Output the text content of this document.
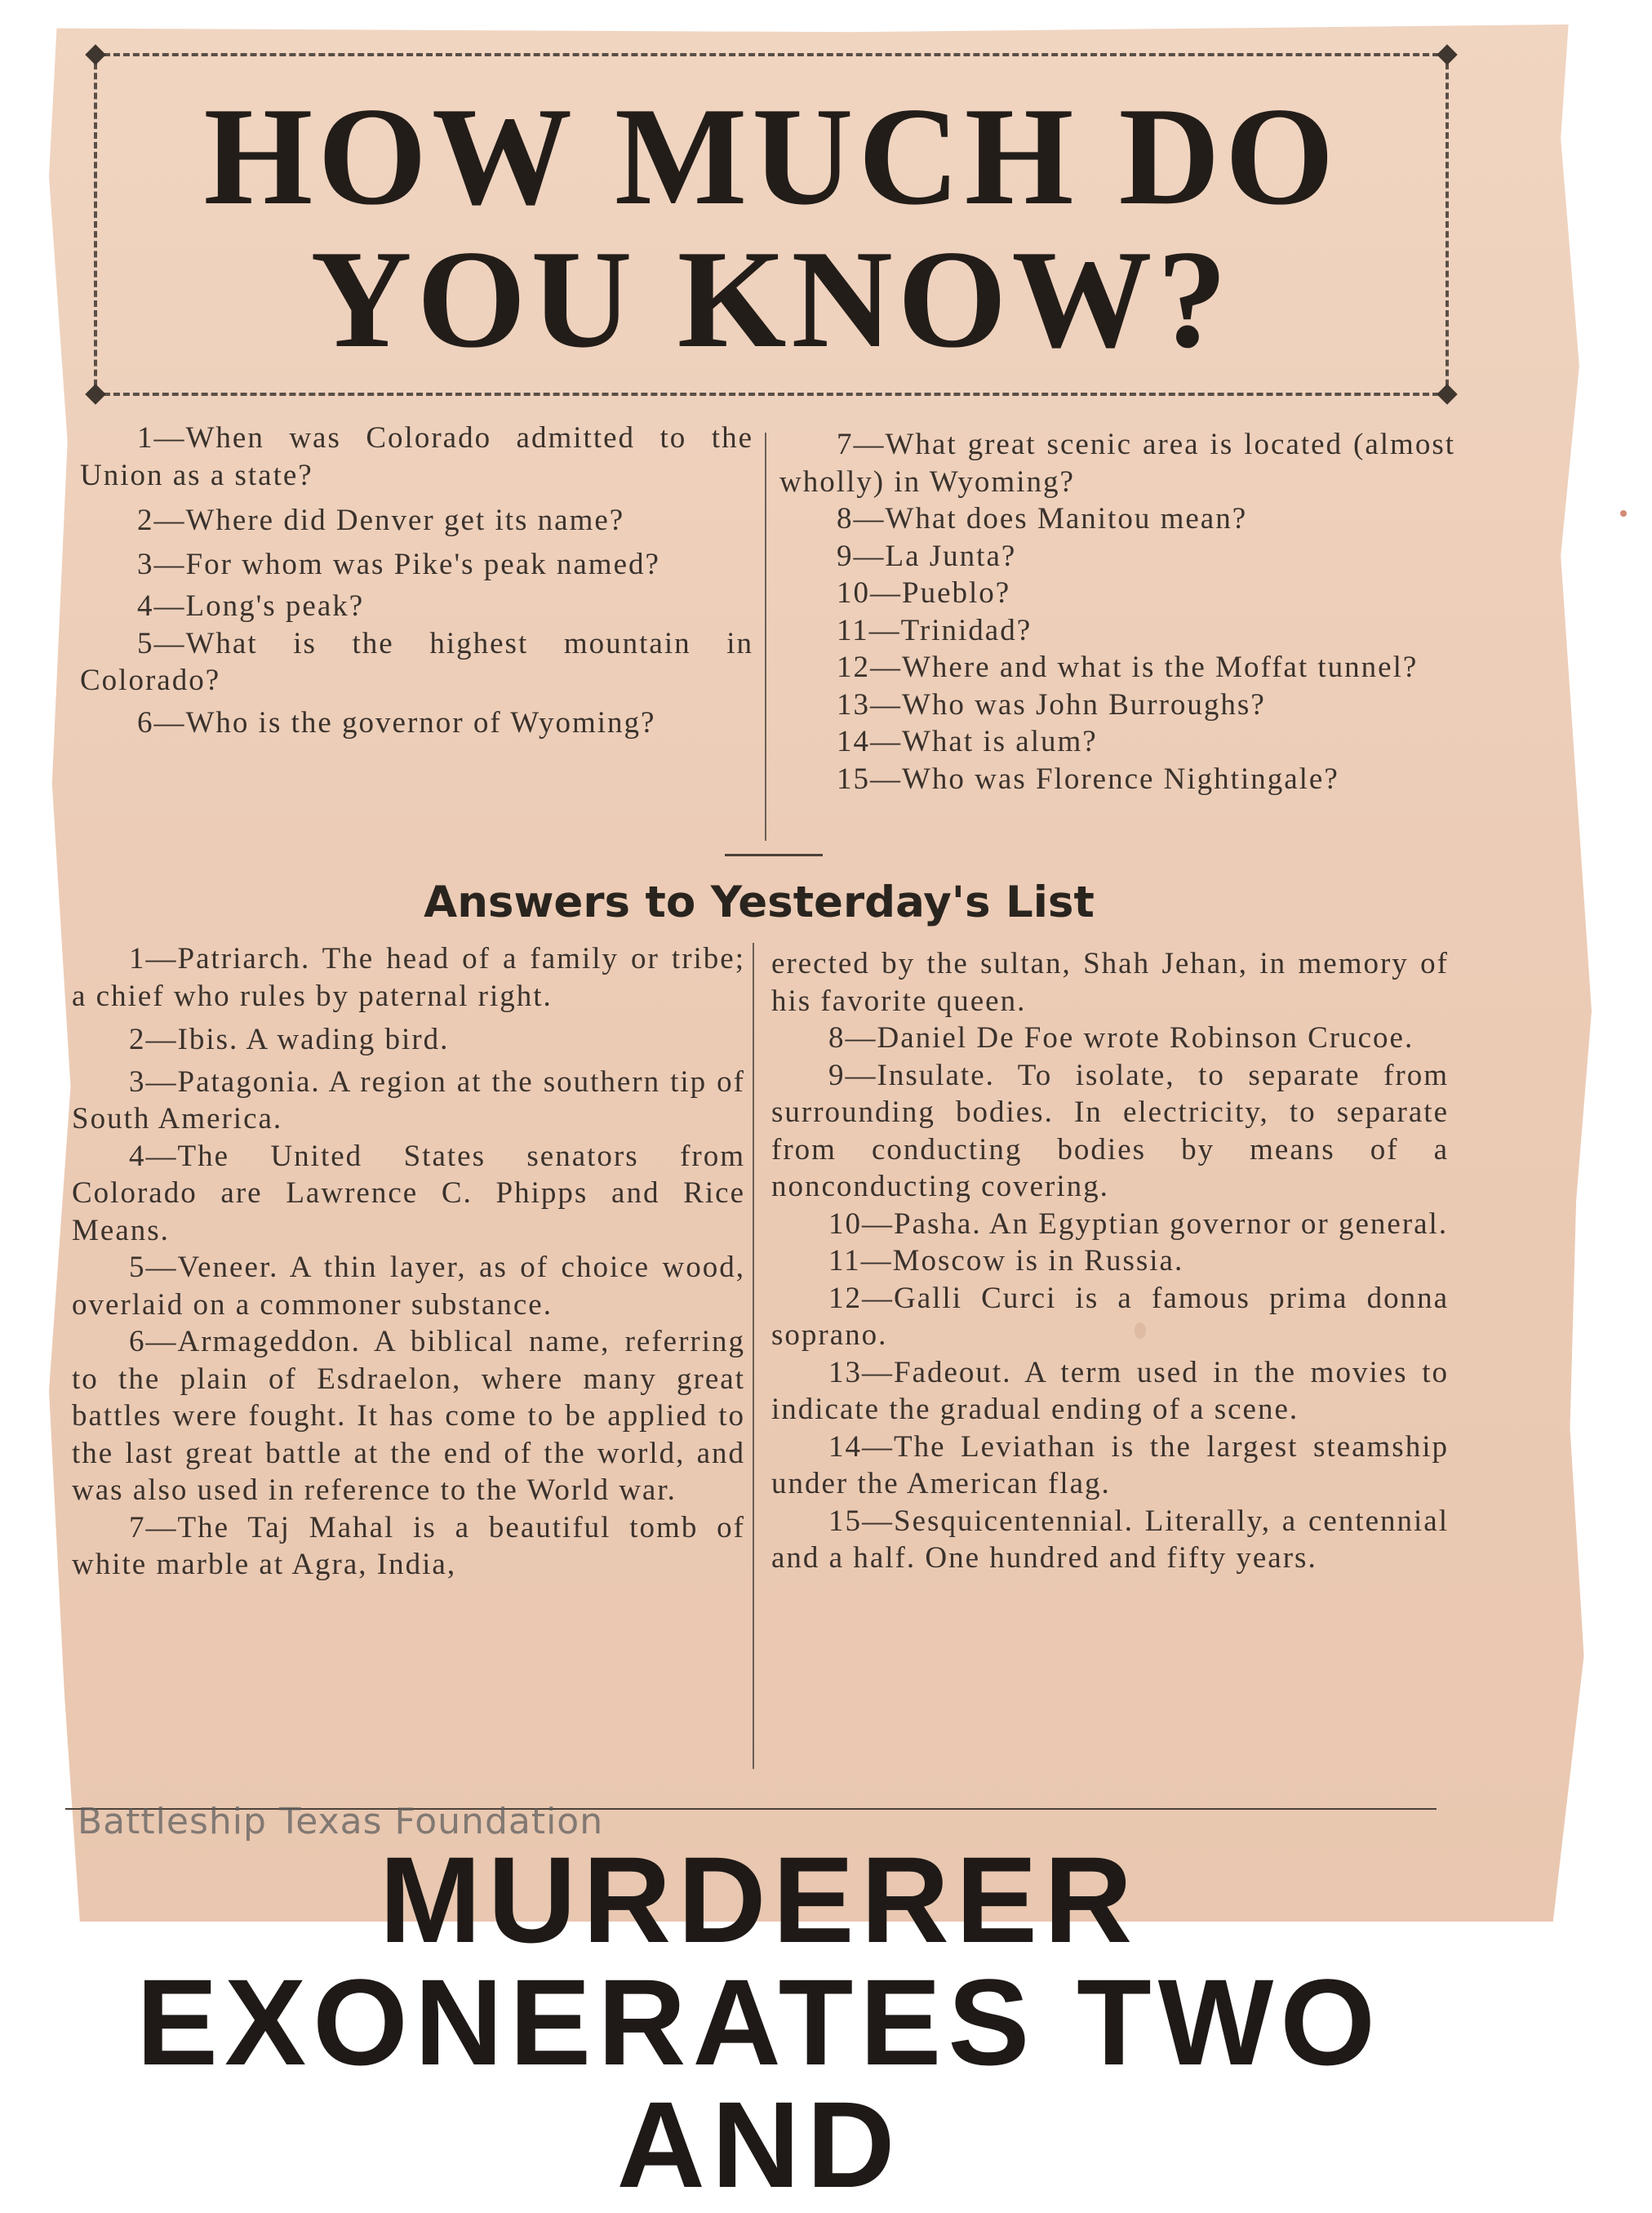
HOW MUCH DO
YOU KNOW?

1—When was Colorado admitted to the Union as a state?

2—Where did Denver get its name?

3—For whom was Pike's peak named?

4—Long's peak?

5—What is the highest mountain in Colorado?

6—Who is the governor of Wyoming?

7—What great scenic area is located (almost wholly) in Wyoming?

8—What does Manitou mean?

9—La Junta?

10—Pueblo?

11—Trinidad?

12—Where and what is the Moffat tunnel?

13—Who was John Burroughs?

14—What is alum?

15—Who was Florence Nightingale?

Answers to Yesterday's List

1—Patriarch. The head of a family or tribe; a chief who rules by paternal right.

2—Ibis. A wading bird.

3—Patagonia. A region at the southern tip of South America.

4—The United States senators from Colorado are Lawrence C. Phipps and Rice Means.

5—Veneer. A thin layer, as of choice wood, overlaid on a commoner substance.

6—Armageddon. A biblical name, referring to the plain of Esdraelon, where many great battles were fought. It has come to be applied to the last great battle at the end of the world, and was also used in reference to the World war.

7—The Taj Mahal is a beautiful tomb of white marble at Agra, India,

erected by the sultan, Shah Jehan, in memory of his favorite queen.

8—Daniel De Foe wrote Robinson Crucoe.

9—Insulate. To isolate, to separate from surrounding bodies. In electricity, to separate from conducting bodies by means of a nonconducting covering.

10—Pasha. An Egyptian governor or general.

11—Moscow is in Russia.

12—Galli Curci is a famous prima donna soprano.

13—Fadeout. A term used in the movies to indicate the gradual ending of a scene.

14—The Leviathan is the largest steamship under the American flag.

15—Sesquicentennial. Literally, a centennial and a half. One hundred and fifty years.

Battleship Texas Foundation
MURDERER EXONERATES TWO AND
